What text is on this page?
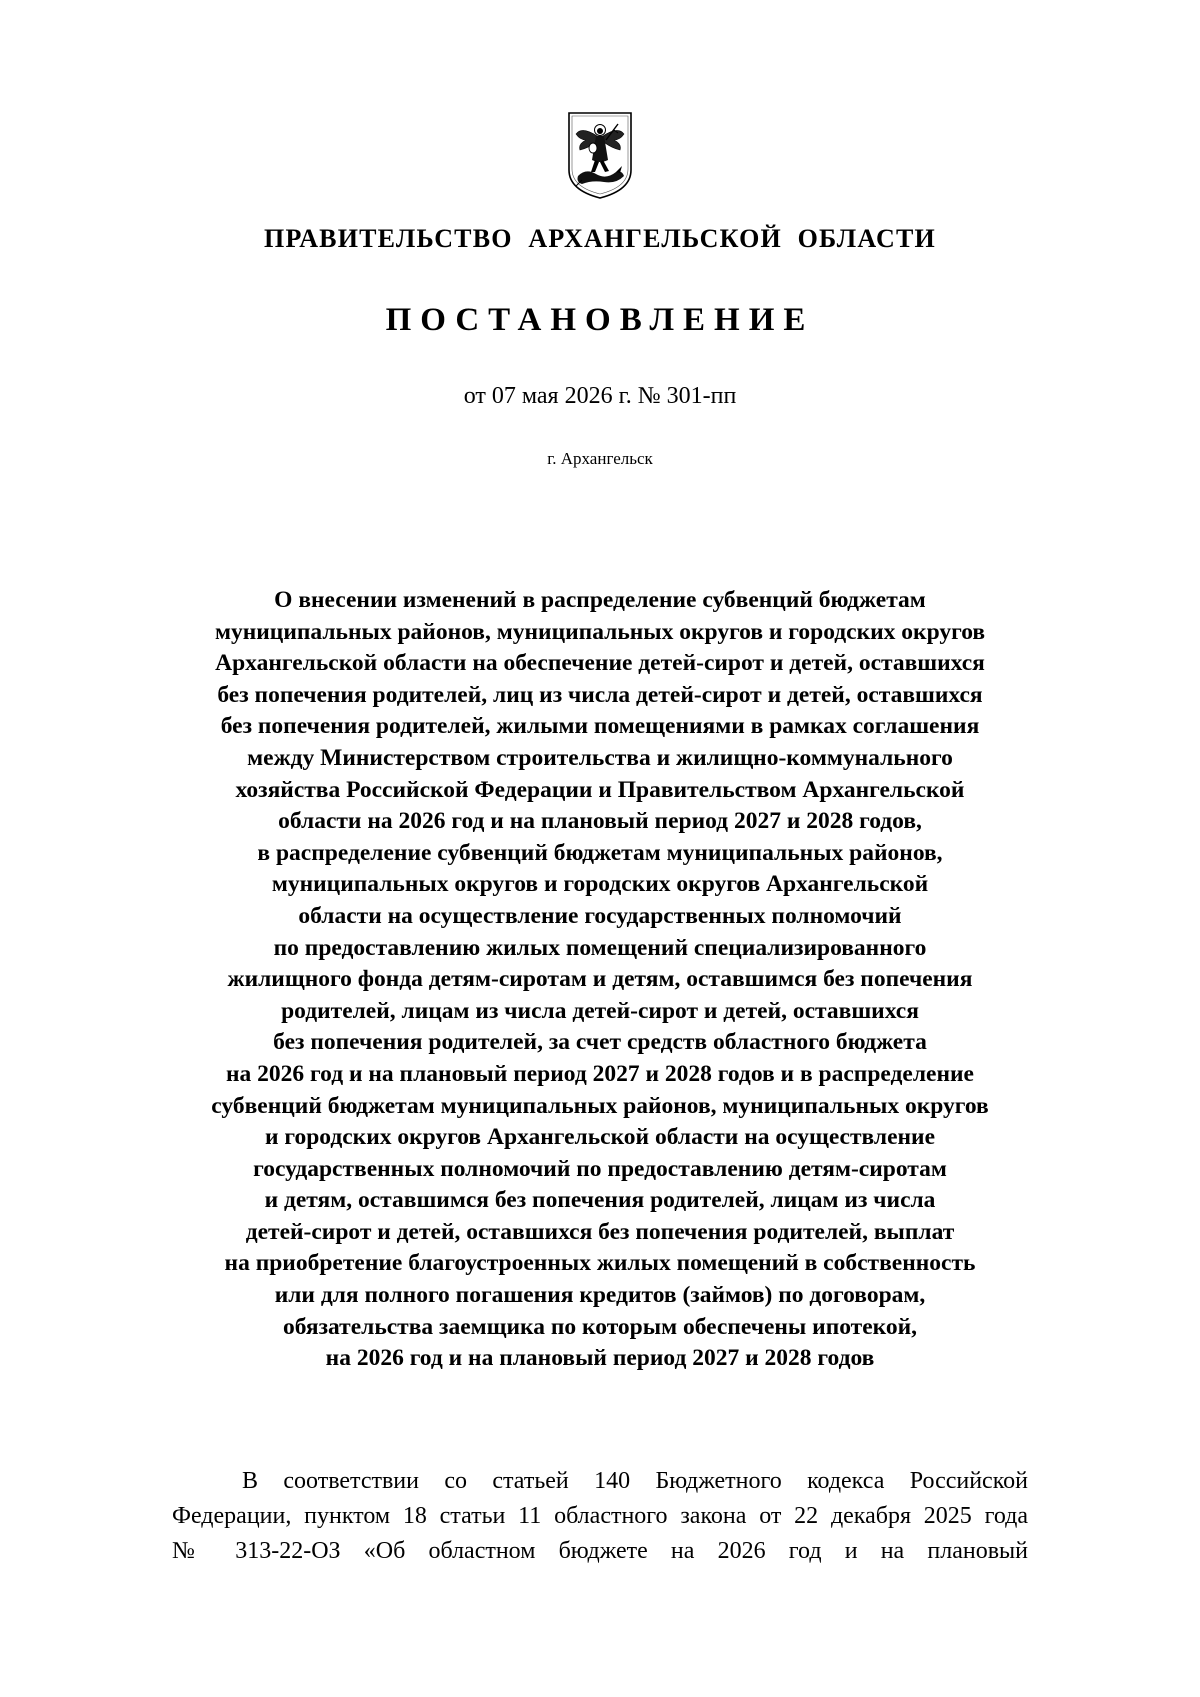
ПРАВИТЕЛЬСТВО АРХАНГЕЛЬСКОЙ ОБЛАСТИ
ПОСТАНОВЛЕНИЕ
от 07 мая 2026 г. № 301-пп
г. Архангельск
О внесении изменений в распределение субвенций бюджетам
муниципальных районов, муниципальных округов и городских округов
Архангельской области на обеспечение детей-сирот и детей, оставшихся
без попечения родителей, лиц из числа детей-сирот и детей, оставшихся
без попечения родителей, жилыми помещениями в рамках соглашения
между Министерством строительства и жилищно-коммунального
хозяйства Российской Федерации и Правительством Архангельской
области на 2026 год и на плановый период 2027 и 2028 годов,
в распределение субвенций бюджетам муниципальных районов,
муниципальных округов и городских округов Архангельской
области на осуществление государственных полномочий
по предоставлению жилых помещений специализированного
жилищного фонда детям-сиротам и детям, оставшимся без попечения
родителей, лицам из числа детей-сирот и детей, оставшихся
без попечения родителей, за счет средств областного бюджета
на 2026 год и на плановый период 2027 и 2028 годов и в распределение
субвенций бюджетам муниципальных районов, муниципальных округов
и городских округов Архангельской области на осуществление
государственных полномочий по предоставлению детям-сиротам
и детям, оставшимся без попечения родителей, лицам из числа
детей-сирот и детей, оставшихся без попечения родителей, выплат
на приобретение благоустроенных жилых помещений в собственность
или для полного погашения кредитов (займов) по договорам,
обязательства заемщика по которым обеспечены ипотекой,
на 2026 год и на плановый период 2027 и 2028 годов
В соответствии со статьей 140 Бюджетного кодекса Российской
Федерации, пунктом 18 статьи 11 областного закона от 22 декабря 2025 года
№ 313-22-ОЗ «Об областном бюджете на 2026 год и на плановый
